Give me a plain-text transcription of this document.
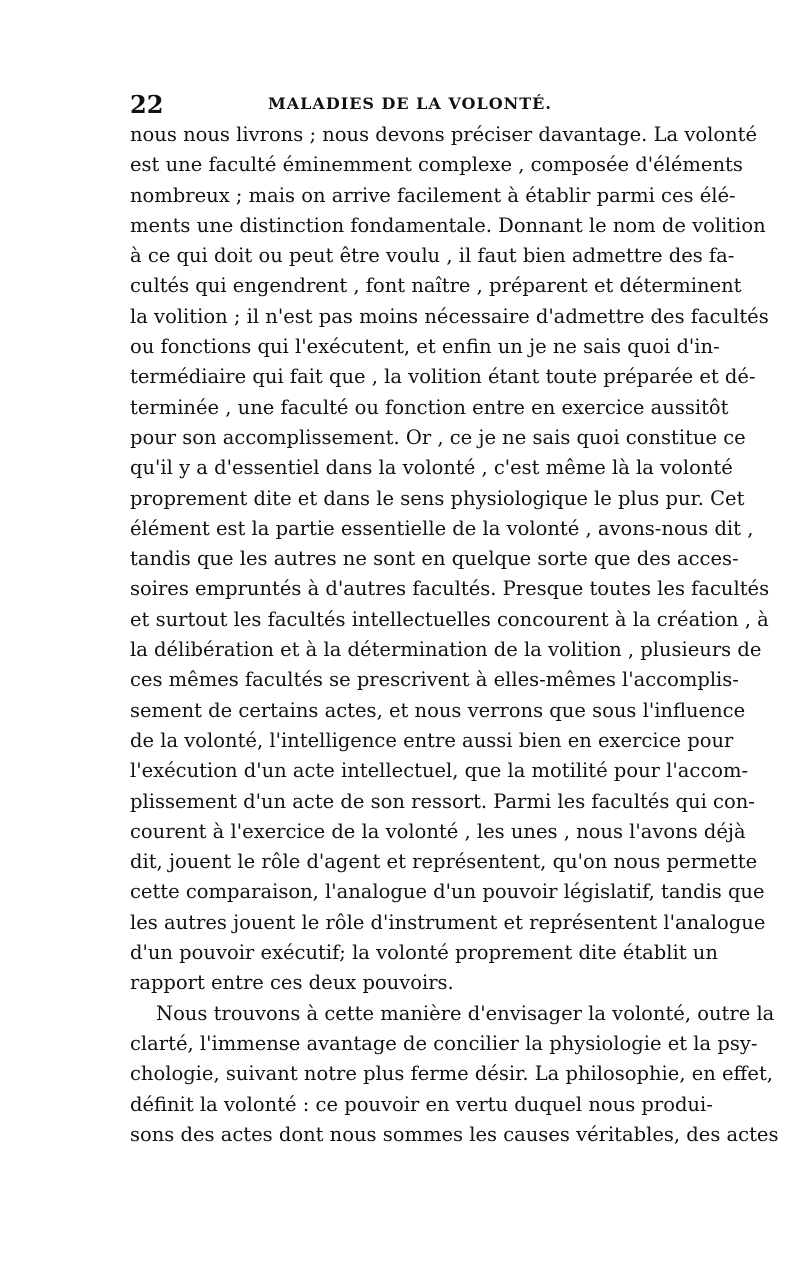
22	MALADIES DE LA VOLONTÉ.
nous nous livrons ; nous devons préciser davantage. La volonté
est une faculté éminemment complexe , composée d'éléments
nombreux ; mais on arrive facilement à établir parmi ces élé-
ments une distinction fondamentale. Donnant le nom de volition
à ce qui doit ou peut être voulu , il faut bien admettre des fa-
cultés qui engendrent , font naître , préparent et déterminent
la volition ; il n'est pas moins nécessaire d'admettre des facultés
ou fonctions qui l'exécutent, et enfin un je ne sais quoi d'in-
termédiaire qui fait que , la volition étant toute préparée et dé-
terminée , une faculté ou fonction entre en exercice aussitôt
pour son accomplissement. Or , ce je ne sais quoi constitue ce
qu'il y a d'essentiel dans la volonté , c'est même là la volonté
proprement dite et dans le sens physiologique le plus pur. Cet
élément est la partie essentielle de la volonté , avons-nous dit ,
tandis que les autres ne sont en quelque sorte que des acces-
soires empruntés à d'autres facultés. Presque toutes les facultés
et surtout les facultés intellectuelles concourent à la création , à
la délibération et à la détermination de la volition , plusieurs de
ces mêmes facultés se prescrivent à elles-mêmes l'accomplis-
sement de certains actes, et nous verrons que sous l'influence
de la volonté, l'intelligence entre aussi bien en exercice pour
l'exécution d'un acte intellectuel, que la motilité pour l'accom-
plissement d'un acte de son ressort. Parmi les facultés qui con-
courent à l'exercice de la volonté , les unes , nous l'avons déjà
dit, jouent le rôle d'agent et représentent, qu'on nous permette
cette comparaison, l'analogue d'un pouvoir législatif, tandis que
les autres jouent le rôle d'instrument et représentent l'analogue
d'un pouvoir exécutif; la volonté proprement dite établit un
rapport entre ces deux pouvoirs.
Nous trouvons à cette manière d'envisager la volonté, outre la
clarté, l'immense avantage de concilier la physiologie et la psy-
chologie, suivant notre plus ferme désir. La philosophie, en effet,
définit la volonté : ce pouvoir en vertu duquel nous produi-
sons des actes dont nous sommes les causes véritables, des actes
